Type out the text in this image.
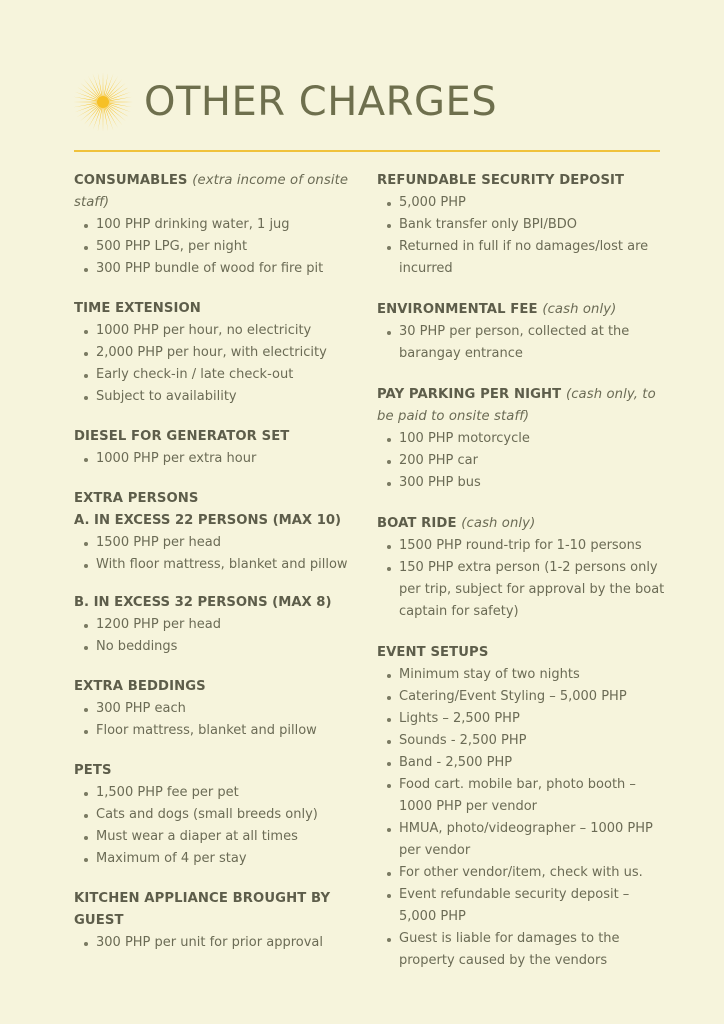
OTHER CHARGES
CONSUMABLES (extra income of onsite staff)
100 PHP drinking water, 1 jug
500 PHP LPG, per night
300 PHP bundle of wood for fire pit
TIME EXTENSION
1000 PHP per hour, no electricity
2,000 PHP per hour, with electricity
Early check-in / late check-out
Subject to availability
DIESEL FOR GENERATOR SET
1000 PHP per extra hour
EXTRA PERSONS
A. IN EXCESS 22 PERSONS (MAX 10)
1500 PHP per head
With floor mattress, blanket and pillow
B. IN EXCESS 32 PERSONS (MAX 8)
1200 PHP per head
No beddings
EXTRA BEDDINGS
300 PHP each
Floor mattress, blanket and pillow
PETS
1,500 PHP fee per pet
Cats and dogs (small breeds only)
Must wear a diaper at all times
Maximum of 4 per stay
KITCHEN APPLIANCE BROUGHT BY GUEST
300 PHP per unit for prior approval
REFUNDABLE SECURITY DEPOSIT
5,000 PHP
Bank transfer only BPI/BDO
Returned in full if no damages/lost are incurred
ENVIRONMENTAL FEE (cash only)
30 PHP per person, collected at the barangay entrance
PAY PARKING PER NIGHT (cash only, to be paid to onsite staff)
100 PHP motorcycle
200 PHP car
300 PHP bus
BOAT RIDE (cash only)
1500 PHP round-trip for 1-10 persons
150 PHP extra person (1-2 persons only per trip, subject for approval by the boat captain for safety)
EVENT SETUPS
Minimum stay of two nights
Catering/Event Styling – 5,000 PHP
Lights – 2,500 PHP
Sounds - 2,500 PHP
Band - 2,500 PHP
Food cart. mobile bar, photo booth – 1000 PHP per vendor
HMUA, photo/videographer – 1000 PHP per vendor
For other vendor/item, check with us.
Event refundable security deposit – 5,000 PHP
Guest is liable for damages to the property caused by the vendors
